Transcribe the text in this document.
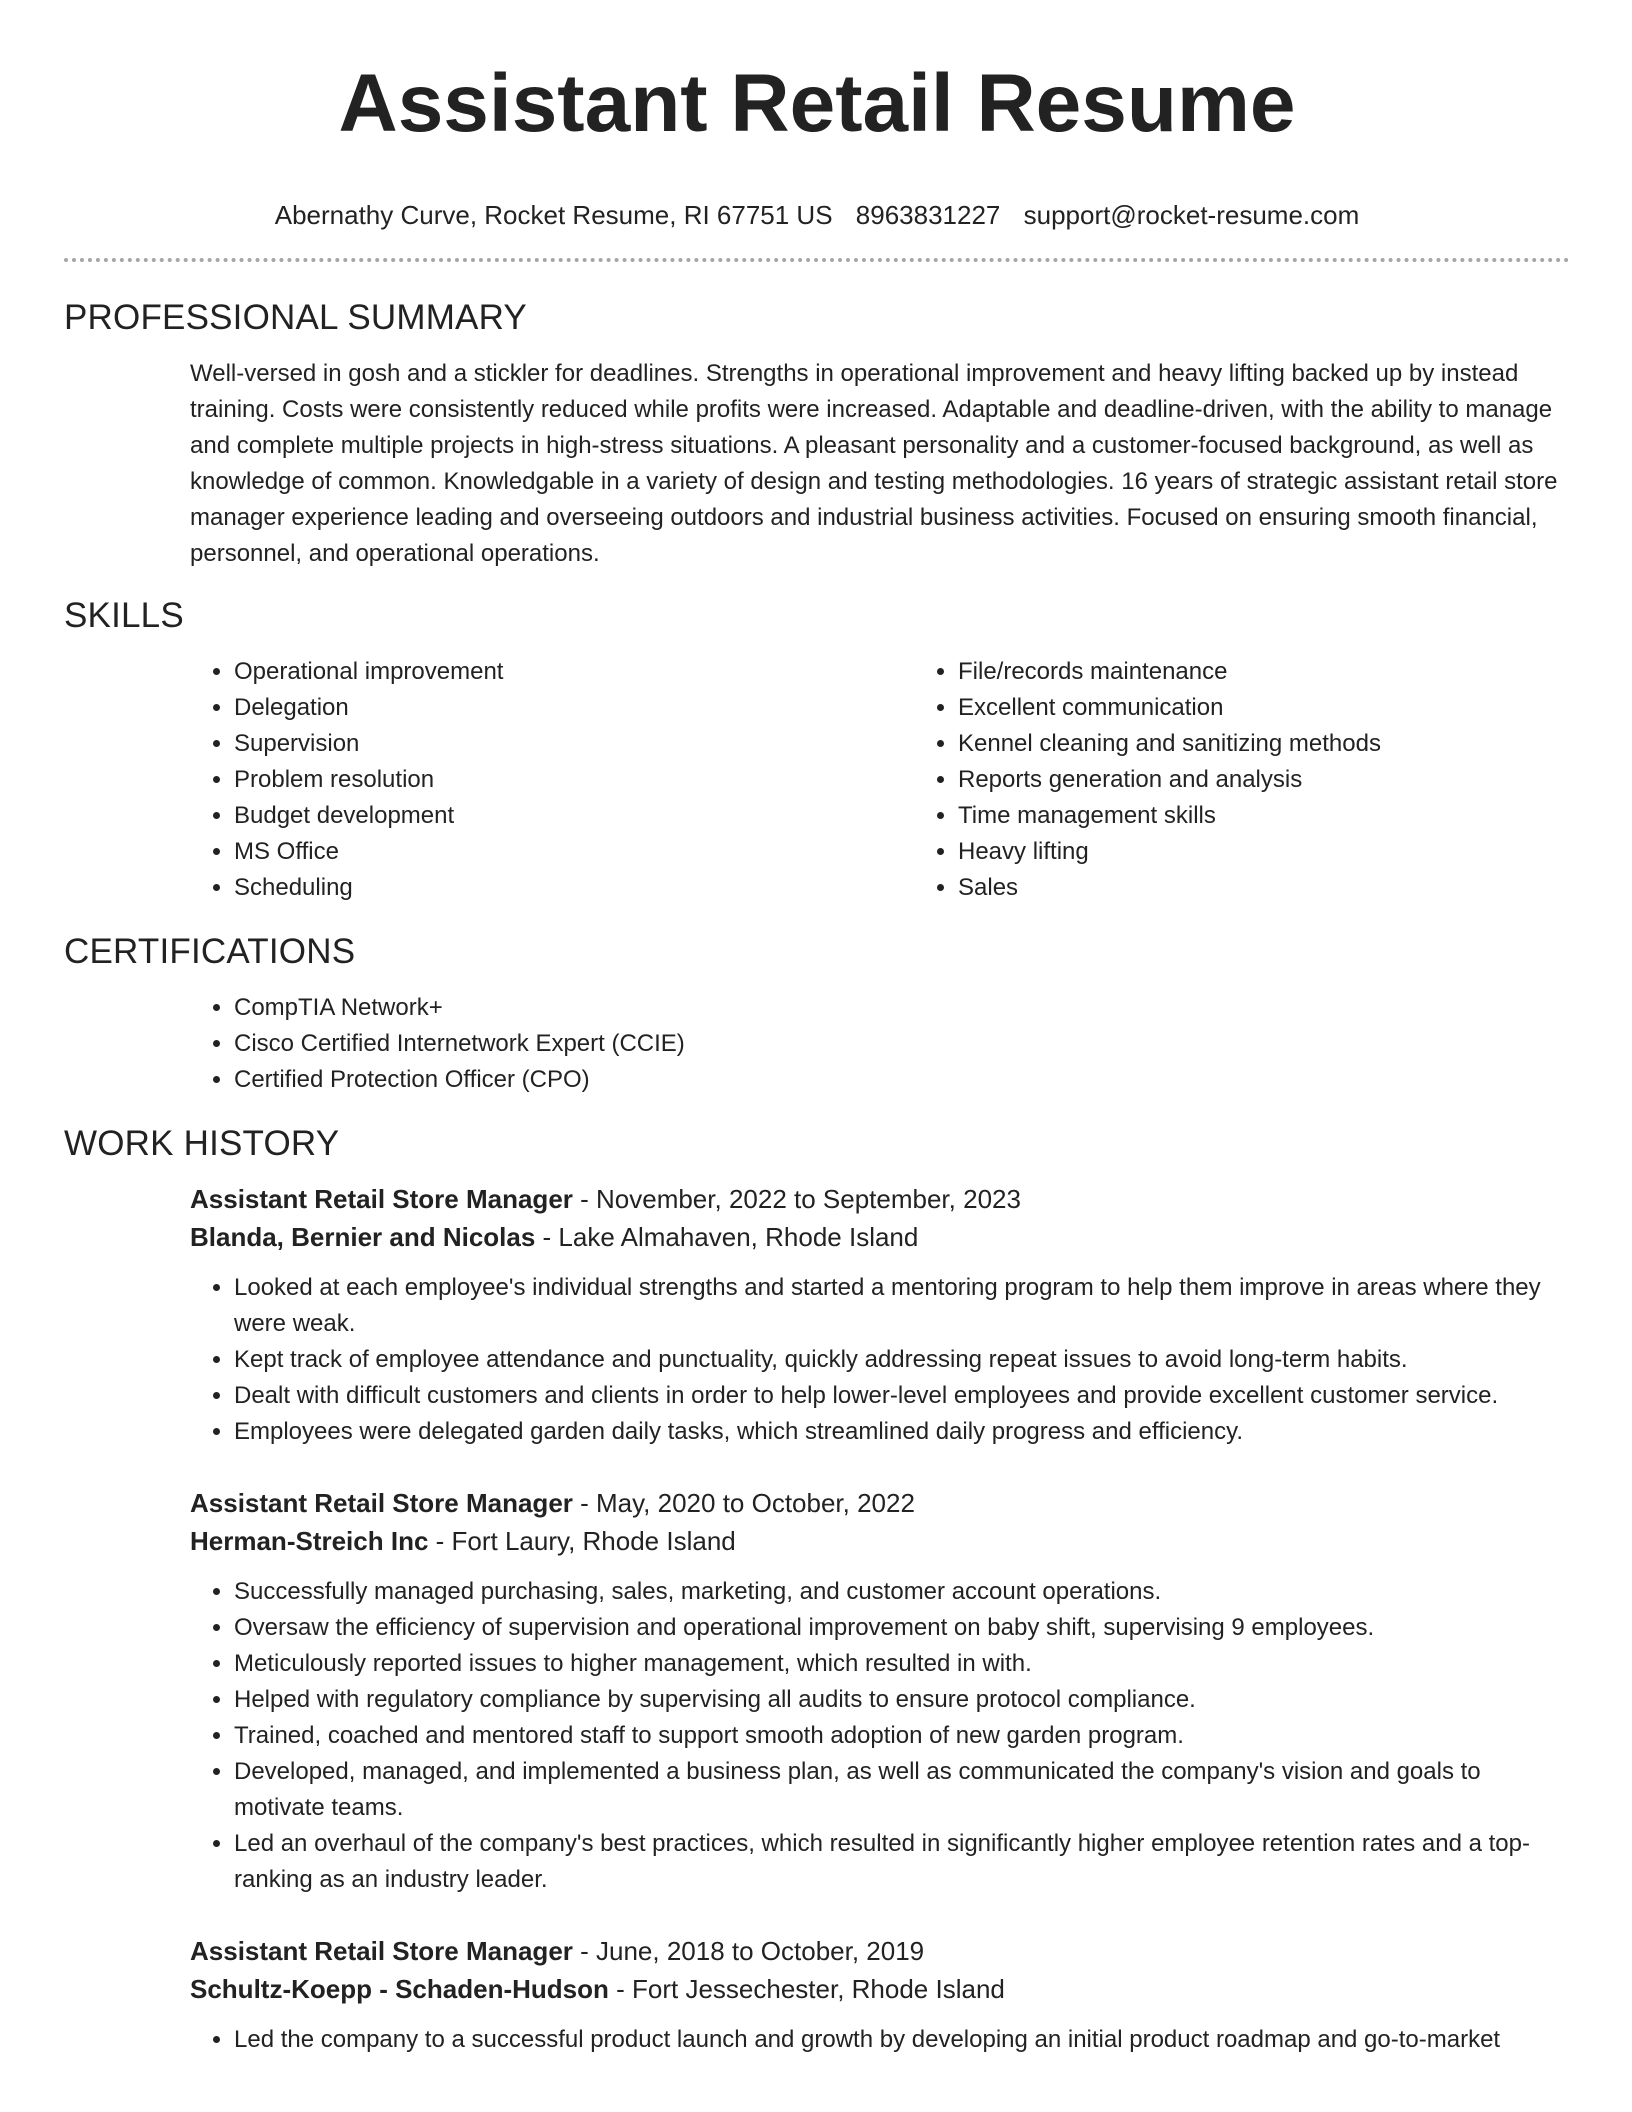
Assistant Retail Resume
Abernathy Curve, Rocket Resume, RI 67751 US 8963831227 support@rocket-resume.com
PROFESSIONAL SUMMARY

Well-versed in gosh and a stickler for deadlines. Strengths in operational improvement and heavy lifting backed up by instead training. Costs were consistently reduced while profits were increased. Adaptable and deadline-driven, with the ability to manage and complete multiple projects in high-stress situations. A pleasant personality and a customer-focused background, as well as knowledge of common. Knowledgable in a variety of design and testing methodologies. 16 years of strategic assistant retail store manager experience leading and overseeing outdoors and industrial business activities. Focused on ensuring smooth financial, personnel, and operational operations.

SKILLS
• Operational improvement
• Delegation
• Supervision
• Problem resolution
• Budget development
• MS Office
• Scheduling
• File/records maintenance
• Excellent communication
• Kennel cleaning and sanitizing methods
• Reports generation and analysis
• Time management skills
• Heavy lifting
• Sales
CERTIFICATIONS
• CompTIA Network+
• Cisco Certified Internetwork Expert (CCIE)
• Certified Protection Officer (CPO)
WORK HISTORY
Assistant Retail Store Manager - November, 2022 to September, 2023
Blanda, Bernier and Nicolas - Lake Almahaven, Rhode Island
• Looked at each employee's individual strengths and started a mentoring program to help them improve in areas where they were weak.
• Kept track of employee attendance and punctuality, quickly addressing repeat issues to avoid long-term habits.
• Dealt with difficult customers and clients in order to help lower-level employees and provide excellent customer service.
• Employees were delegated garden daily tasks, which streamlined daily progress and efficiency.
Assistant Retail Store Manager - May, 2020 to October, 2022
Herman-Streich Inc - Fort Laury, Rhode Island
• Successfully managed purchasing, sales, marketing, and customer account operations.
• Oversaw the efficiency of supervision and operational improvement on baby shift, supervising 9 employees.
• Meticulously reported issues to higher management, which resulted in with.
• Helped with regulatory compliance by supervising all audits to ensure protocol compliance.
• Trained, coached and mentored staff to support smooth adoption of new garden program.
• Developed, managed, and implemented a business plan, as well as communicated the company's vision and goals to motivate teams.
• Led an overhaul of the company's best practices, which resulted in significantly higher employee retention rates and a top-ranking as an industry leader.
Assistant Retail Store Manager - June, 2018 to October, 2019
Schultz-Koepp - Schaden-Hudson - Fort Jessechester, Rhode Island
• Led the company to a successful product launch and growth by developing an initial product roadmap and go-to-market
